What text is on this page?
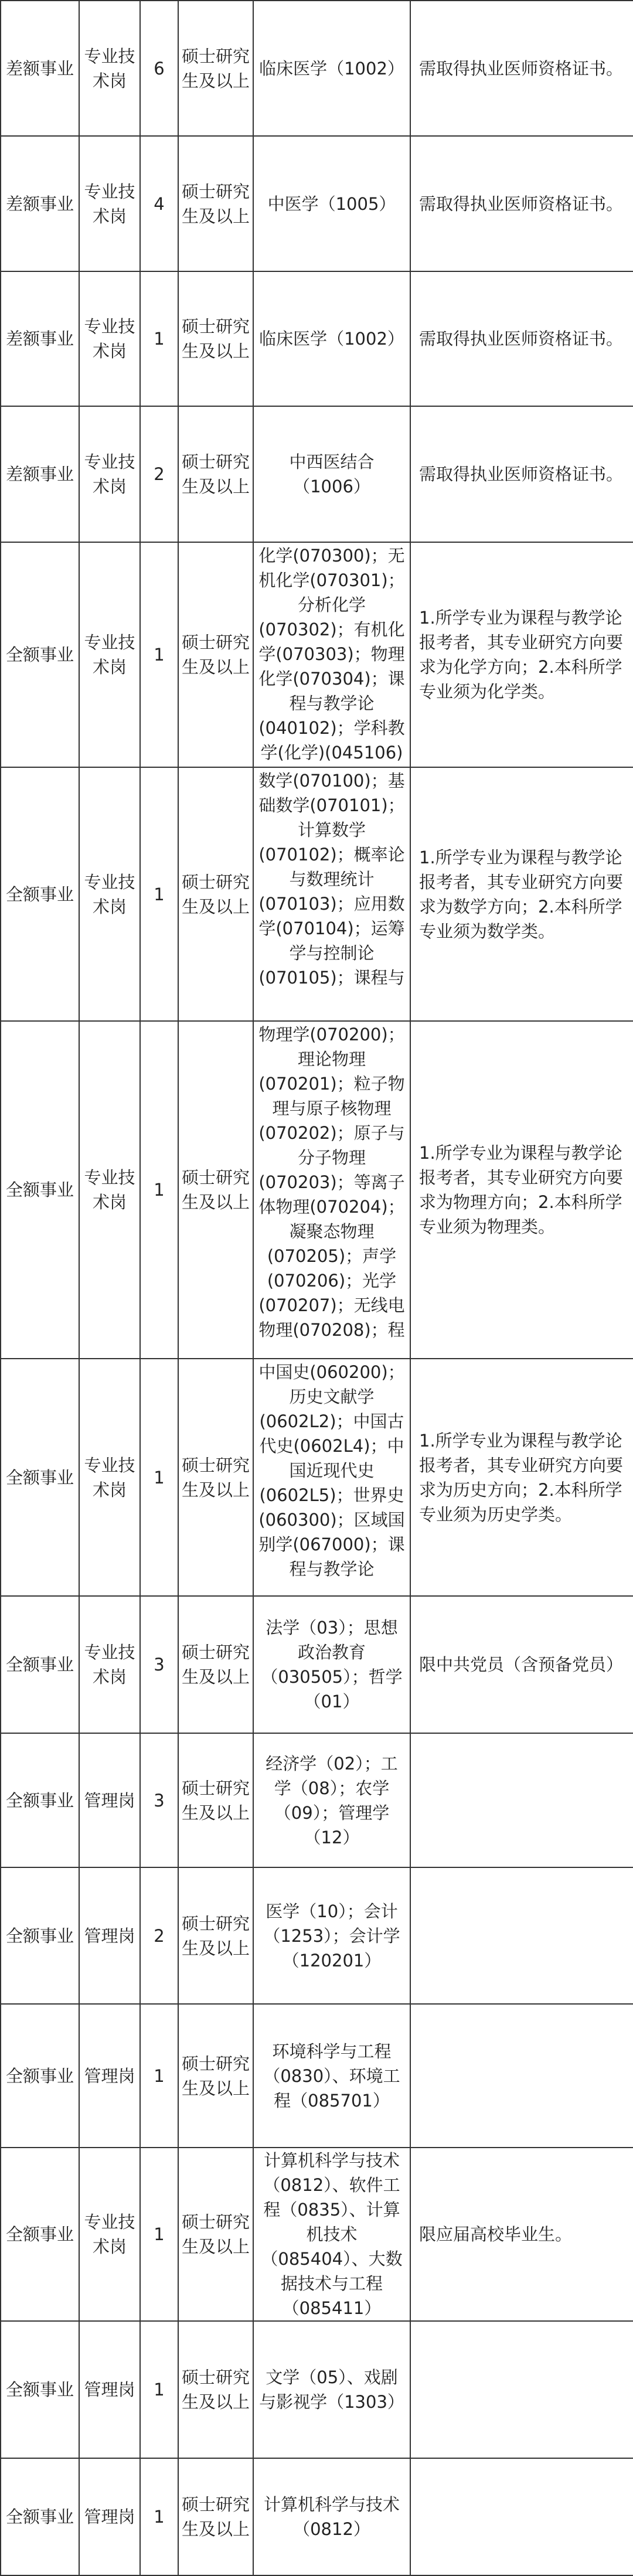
差额事业	专业技术岗	6	硕士研究生及以上	临床医学（1002）	需取得执业医师资格证书。
差额事业	专业技术岗	4	硕士研究生及以上	中医学（1005）	需取得执业医师资格证书。
差额事业	专业技术岗	1	硕士研究生及以上	临床医学（1002）	需取得执业医师资格证书。
差额事业	专业技术岗	2	硕士研究生及以上	中西医结合（1006）	需取得执业医师资格证书。
全额事业	专业技术岗	1	硕士研究生及以上	化学(070300)；无机化学(070301)；分析化学(070302)；有机化学(070303)；物理化学(070304)；课程与教学论(040102)；学科教学(化学)(045106)	1.所学专业为课程与教学论报考者，其专业研究方向要求为化学方向；2.本科所学专业须为化学类。
全额事业	专业技术岗	1	硕士研究生及以上	数学(070100)；基础数学(070101)；计算数学(070102)；概率论与数理统计(070103)；应用数学(070104)；运筹学与控制论(070105)；课程与	1.所学专业为课程与教学论报考者，其专业研究方向要求为数学方向；2.本科所学专业须为数学类。
全额事业	专业技术岗	1	硕士研究生及以上	物理学(070200)；理论物理(070201)；粒子物理与原子核物理(070202)；原子与分子物理(070203)；等离子体物理(070204)；凝聚态物理(070205)；声学(070206)；光学(070207)；无线电物理(070208)；程	1.所学专业为课程与教学论报考者，其专业研究方向要求为物理方向；2.本科所学专业须为物理类。
全额事业	专业技术岗	1	硕士研究生及以上	中国史(060200)；历史文献学(0602L2)；中国古代史(0602L4)；中国近现代史(0602L5)；世界史(060300)；区域国别学(067000)；课程与教学论	1.所学专业为课程与教学论报考者，其专业研究方向要求为历史方向；2.本科所学专业须为历史学类。
全额事业	专业技术岗	3	硕士研究生及以上	法学（03）；思想政治教育（030505）；哲学（01）	限中共党员（含预备党员）
全额事业	管理岗	3	硕士研究生及以上	经济学（02）；工学（08）；农学（09）；管理学（12）	
全额事业	管理岗	2	硕士研究生及以上	医学（10）；会计（1253）；会计学（120201）	
全额事业	管理岗	1	硕士研究生及以上	环境科学与工程（0830）、环境工程（085701）	
全额事业	专业技术岗	1	硕士研究生及以上	计算机科学与技术（0812）、软件工程（0835）、计算机技术（085404）、大数据技术与工程（085411）	限应届高校毕业生。
全额事业	管理岗	1	硕士研究生及以上	文学（05）、戏剧与影视学（1303）	
全额事业	管理岗	1	硕士研究生及以上	计算机科学与技术（0812）	
